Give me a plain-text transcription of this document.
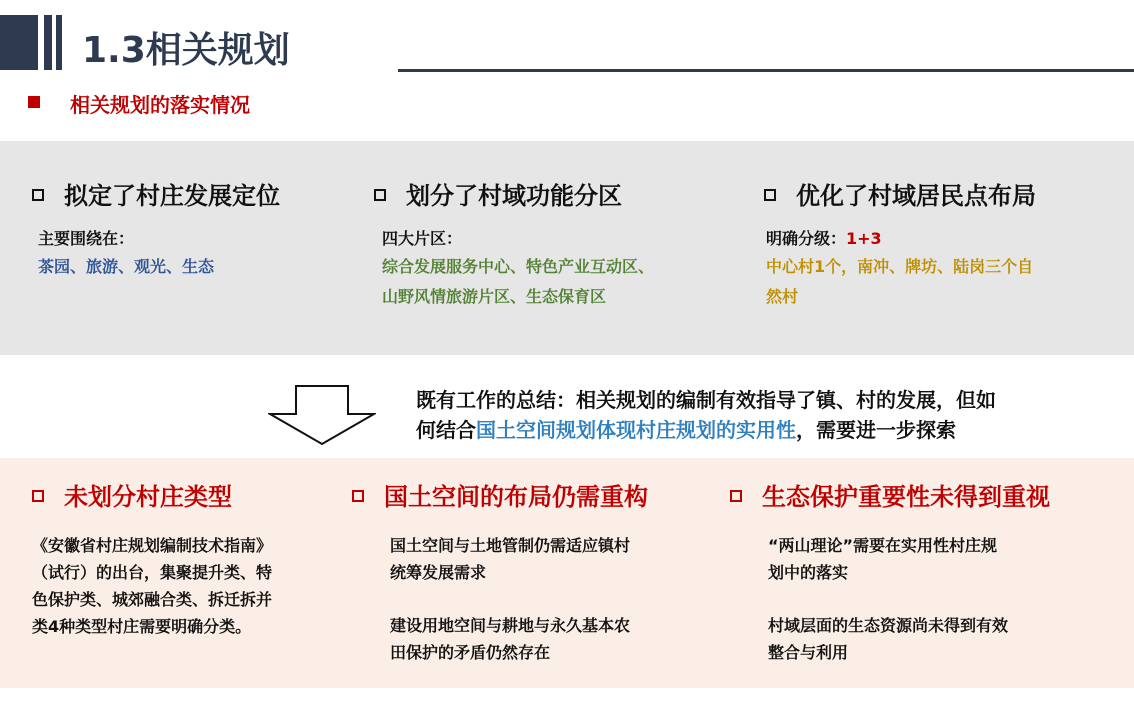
1.3相关规划
相关规划的落实情况
拟定了村庄发展定位
主要围绕在：
茶园、旅游、观光、生态
划分了村域功能分区
四大片区：
综合发展服务中心、特色产业互动区、
山野风情旅游片区、生态保育区
优化了村域居民点布局
明确分级：1+3
中心村1个，南冲、牌坊、陆岗三个自
然村
既有工作的总结：相关规划的编制有效指导了镇、村的发展，但如
何结合国土空间规划体现村庄规划的实用性，需要进一步探索
未划分村庄类型
《安徽省村庄规划编制技术指南》
（试行）的出台，集聚提升类、特
色保护类、城郊融合类、拆迁拆并
类4种类型村庄需要明确分类。
国土空间的布局仍需重构
国土空间与土地管制仍需适应镇村
统筹发展需求
建设用地空间与耕地与永久基本农
田保护的矛盾仍然存在
生态保护重要性未得到重视
“两山理论”需要在实用性村庄规
划中的落实
村域层面的生态资源尚未得到有效
整合与利用
